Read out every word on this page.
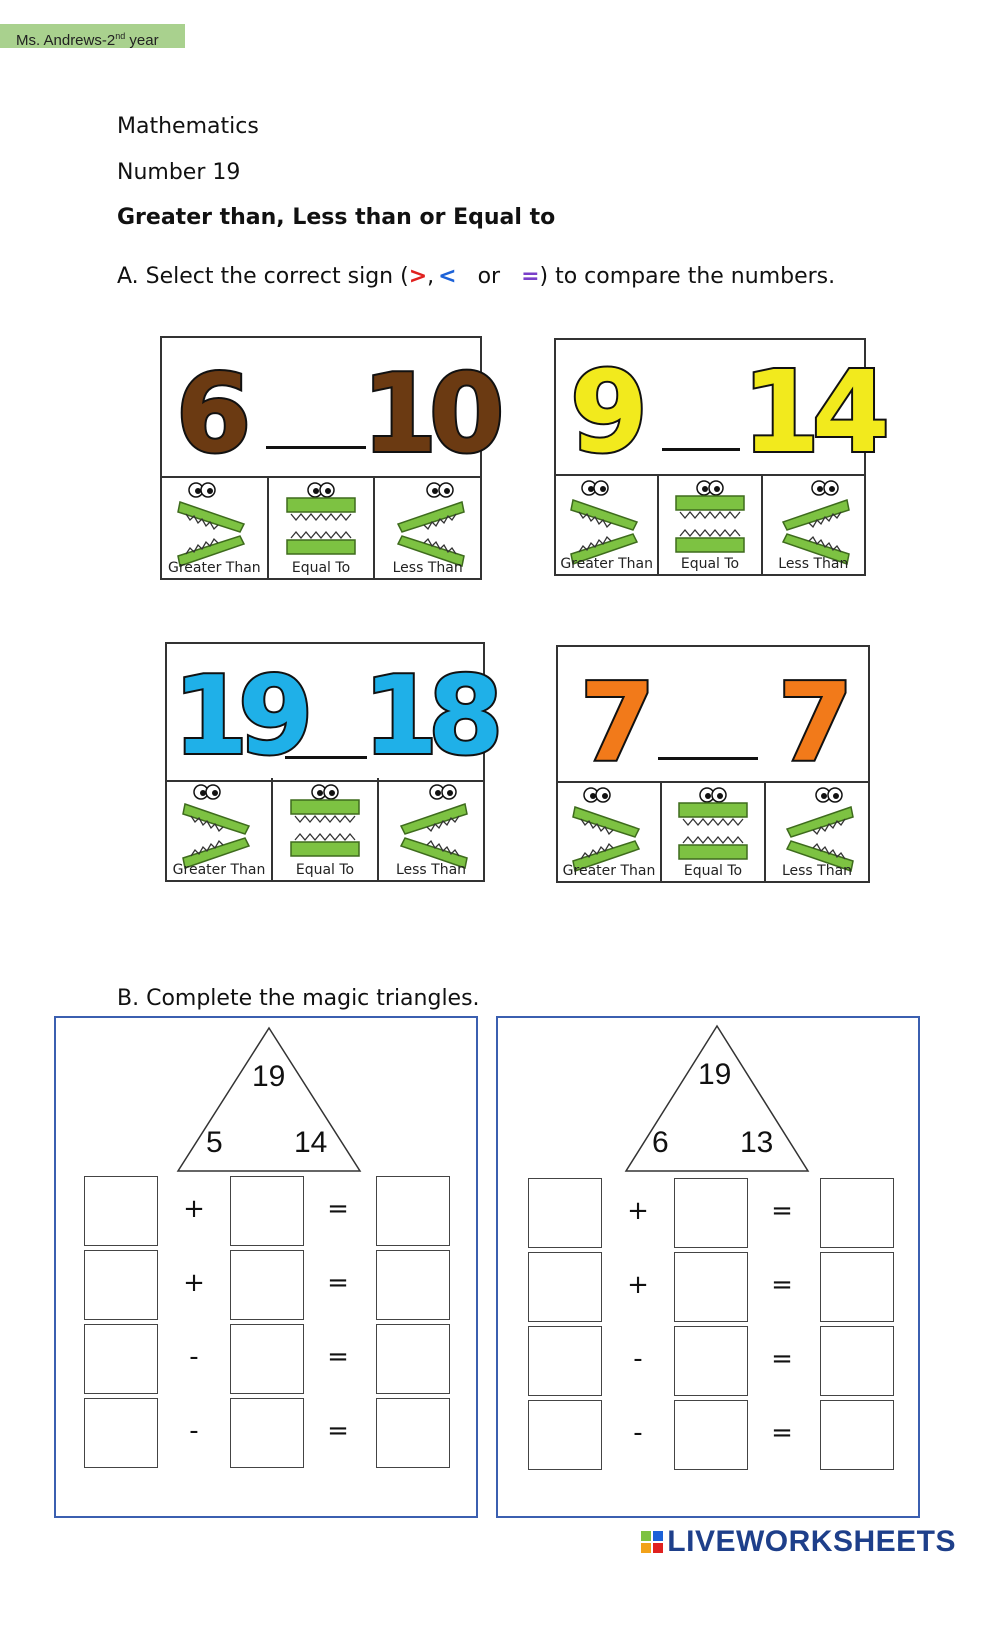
Ms. Andrews-2nd year
Mathematics
Number 19
Greater than, Less than or Equal to
A. Select the correct sign (>, < or =) to compare the numbers.
6 10
Greater Than	Equal To	Less Than
9 14
Greater Than	Equal To	Less Than
19 18
Greater Than	Equal To	Less Than
7 7
Greater Than	Equal To	Less Than
B. Complete the magic triangles.
19
5 14
+	=
+	=
-	=
-	=
19
6 13
+	=
+	=
-	=
-	=
LIVEWORKSHEETS
